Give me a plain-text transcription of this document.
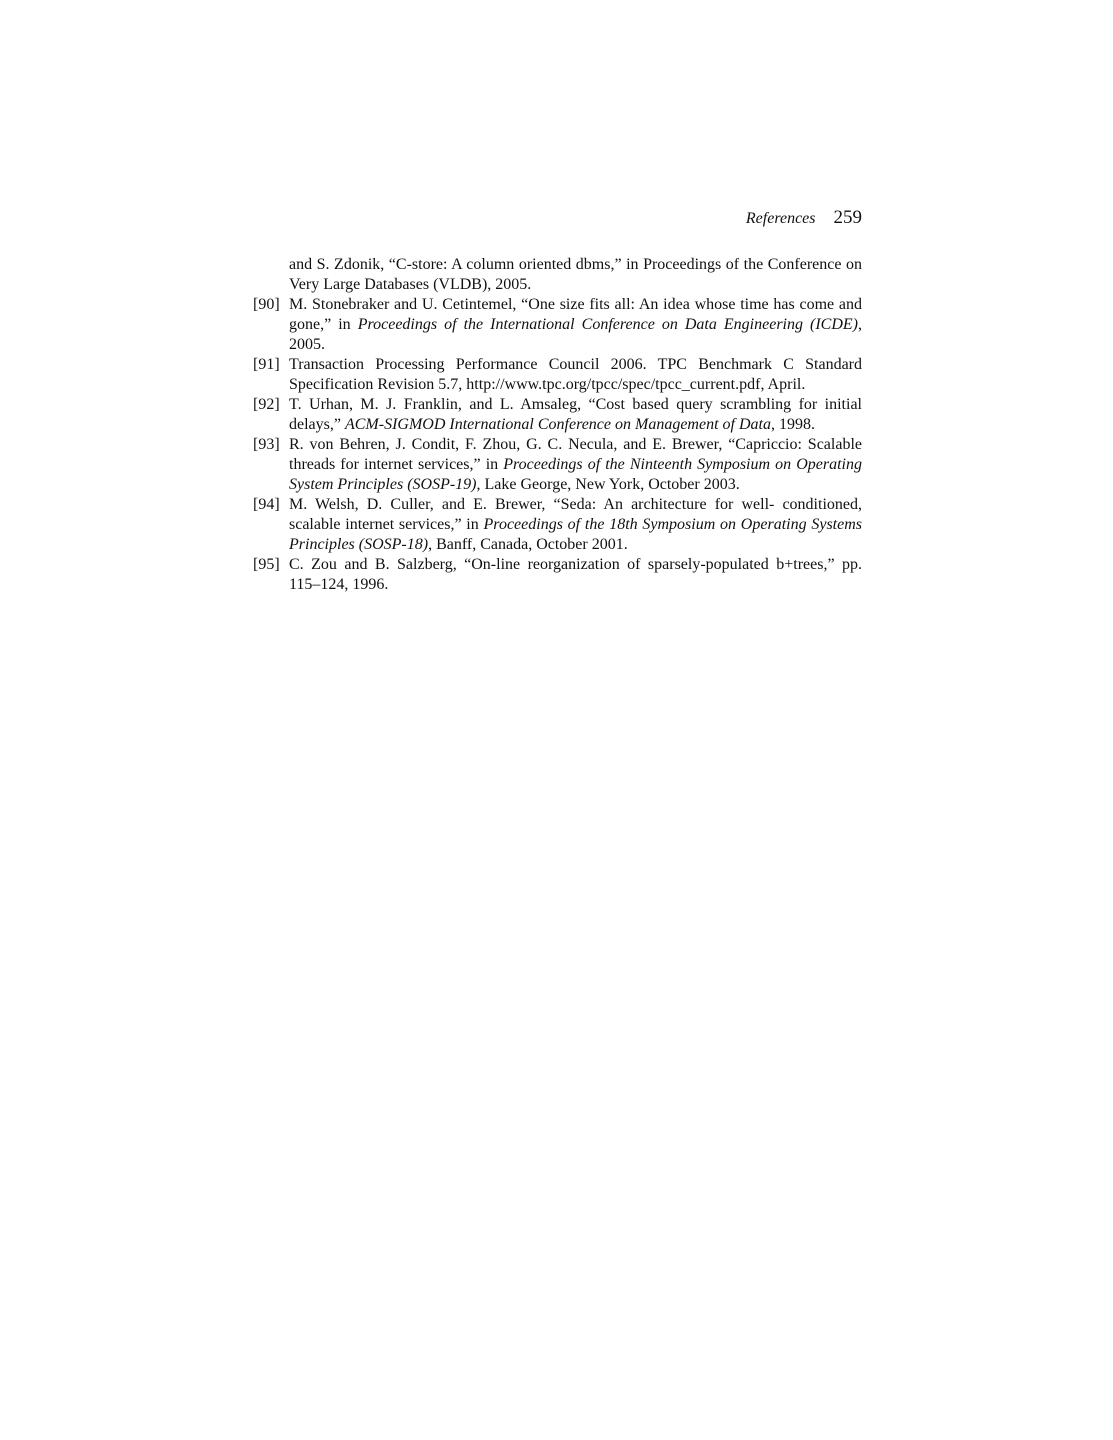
References 259
and S. Zdonik, “C-store: A column oriented dbms,” in Proceedings of the Conference on Very Large Databases (VLDB), 2005.
[90] M. Stonebraker and U. Cetintemel, “One size fits all: An idea whose time has come and gone,” in Proceedings of the International Conference on Data Engineering (ICDE), 2005.
[91] Transaction Processing Performance Council 2006. TPC Benchmark C Standard Specification Revision 5.7, http://www.tpc.org/tpcc/spec/tpcc_current.pdf, April.
[92] T. Urhan, M. J. Franklin, and L. Amsaleg, “Cost based query scrambling for initial delays,” ACM-SIGMOD International Conference on Management of Data, 1998.
[93] R. von Behren, J. Condit, F. Zhou, G. C. Necula, and E. Brewer, “Capriccio: Scalable threads for internet services,” in Proceedings of the Ninteenth Symposium on Operating System Principles (SOSP-19), Lake George, New York, October 2003.
[94] M. Welsh, D. Culler, and E. Brewer, “Seda: An architecture for well- conditioned, scalable internet services,” in Proceedings of the 18th Symposium on Operating Systems Principles (SOSP-18), Banff, Canada, October 2001.
[95] C. Zou and B. Salzberg, “On-line reorganization of sparsely-populated b+trees,” pp. 115–124, 1996.
